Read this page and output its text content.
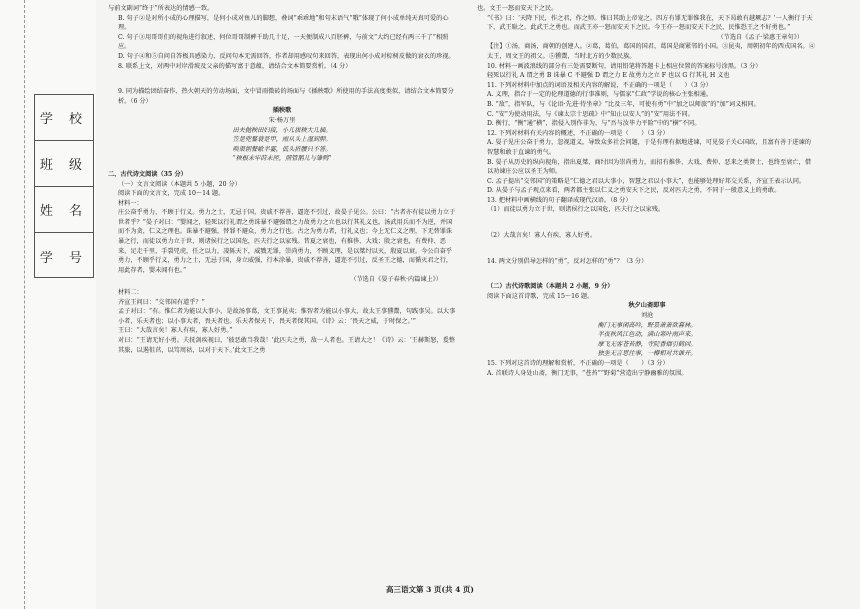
学 校
班 级
姓 名
学 号

与前文副词“终于”所表达的情感一致。

B. 句子②是对所小成的心理描写，是何小成对鱼儿的脚想，叠词“乖乖地”和句末语气“哦”体现了何小成单纯天真可爱的心理。

C. 句子③用哥哥们的视角进行叙述，何位哥哥制裤千助几十足，一天便制成八百胚裤，与前文“大约已经有两三千了”相照应。

D. 句子④和⑤自问自答极具感染力，反问句本无需回答，作者却用感叹句来回答，表现出何小成对棕树皮做的衰衣的珍视。

8. 联系上文，对两中对岸滑坡及父亲的描写富于意蕴，请结合文本简要赏析。（4 分）

9. 同为描绘团结奋作、热火朝天的劳动场面，文中冒雨微砖的场面与《插秧歌》所使用的手法高度类似，请结合文本简要分析。（6 分）

插秧歌

宋·杨万里

田夫抛秧田妇接，小儿拔秧大儿插。

笠是兜鍪蓑是甲，雨从头上湿到胛。

唤渠朝餐歇半霎，低头折腰只不答。

“秧根未牢莳未匝，照管鹅儿与雏鸭”

二、古代诗文阅读（35 分）

（一）文言文阅读（本题共 5 小题，20 分）

阅读下面的文言文，完成 10～14 题。

材料一：

庄公奋乎勇力，不顾于行义。勇力之士，无忌于国，贵戚不荐善，逼迩不引过，故晏子见公。公曰：“古者亦有徒以勇力立于世者乎？”晏子对曰：“婴闻之，轻死以行礼谓之勇诛暴不避强谓之力故勇力之立也以行其礼义也。汤武用兵而不为逆，并国而不为贪，仁义之理也。诛暴不避强，替罪不避众，勇力之行也。古之为勇力者，行礼义也；今上无仁义之理，下无替罪诛暴之行，而徒以勇力立于世，则诸侯行之以国危，匹夫行之以家残。昔夏之衰也，有推侈、大戏；殷之衰也，有费仲、恶来，足走千里，手裂兕虎，任之以力，凌轹天下，威戮无罪，崇尚勇力，不顾义理，是以桀纣以灭，殷夏以衰。今公自奋乎勇力，不顾乎行义，勇力之士，无忌于国，身立威强，行本涂暴，贵戚不荐善，逼迩不引过，反圣王之德，而循灭君之行，用此存者，婴未闻有也。”

（节选自《晏子春秋·内篇谏上》）

材料二：

齐宣王问曰：“交邻国有道乎？”

孟子对曰：“有。惟仁者为能以大事小，是故汤事葛，文王事昆夷；惟智者为能以小事大，故太王事獯鬻，句践事吴。以大事小者，乐天者也；以小事大者，畏天者也。乐天者保天下，畏天者保其国。《诗》云：‘畏天之威，于时保之。’”

王曰：“大哉言矣！寡人有疾，寡人好勇。”

对曰：“王请无好小勇。夫抚剑疾视曰，‘彼恶敢当我哉！’此匹夫之勇，敌一人者也。王请大之！《诗》云：‘王赫斯怒，爰整其旅，以遏徂莒，以笃周祜，以对于天下。’此文王之勇

也。文王一怒而安天下之民。

“《书》曰：‘天降下民，作之君，作之师。惟曰其助上帝宠之。四方有罪无罪惟我在，天下曷敢有越厥志？’一人衡行于天下，武王耻之。此武王之勇也。而武王亦一怒而安天下之民。今王亦一怒而安天下之民，民惟恐王之不好勇也。”

（节选自《孟子·梁惠王章句》）

【注】①汤，商汤，商朝的创建人。②葛，葛伯，葛国的国君，葛国是商紧邻的小国。③昆夷，周朝初年的西戎国名。④太王，周文王的祖父。⑤獯鬻，当时北方的少数民族。

10. 材料一画波浪线的部分有三处需要断句，请用铅笔将答题卡上相应位置的答案标号涂黑。（3 分）

轻死以行礼 A 谓之勇 B 诛暴 C 不避强 D 谓之力 E 故勇力之立 F 也以 G 行其礼 H 义也

11. 下列对材料中加点的词语及相关内容的解说，不正确的一项是（　　）（3 分）

A. 义理，指合于一定的伦理道德的行事准则，与儒家“仁政”学说的核心主张相通。

B. “敌”，指军队，与《论语·先进·待坐章》“比及三年，可使有勇”中“加之以师旅”的“加”词义相同。

C. “安”为使动用法，与《谏太宗十思疏》中“知止以安人”的“安”用法不同。

D. 衡行，“衡”通“横”，指侵入别作非为，与“吾与汝毕力平险”中的“横”不同。

12. 下列对材料有关内容的概述，不正确的一项是（　　）（3 分）

A. 晏子见庄公奋于勇力，忽视道义，导致众多社会问题，于是有理有据地进谏，可见晏子关心国政，且富有善于进谏的智慧和敢于直谏的勇气。

B. 晏子从历史的纵向视角，指出夏桀、商纣因为崇尚勇力，而招有推侈、大戏、费仲、恶来之类贤士，也终至衰亡，借以劝谏庄公应以圣王为师。

C. 孟子提出“交邻国”的策略是“仁德之君以大事小，智慧之君以小事大”，也能够处理好邦交关系，齐宣王表示认同。

D. 从晏子与孟子观点来看，两者都主张以仁义之勇安天下之民，反对匹夫之勇，不同于一般意义上的勇敢。

13. 把材料中画横线的句子翻译成现代汉语。（8 分）

（1）而徒以勇力立于世，则诸侯行之以国危，匹夫行之以家残。

（2）大哉言矣！寡人有疾，寡人好勇。

14. 两文分别倡导怎样的“勇”，反对怎样的“勇”？（3 分）

（二）古代诗歌阅读（本题共 2 小题，9 分）

阅读下面这首诗歌，完成 15～16 题。

秋夕山斋即事

刘沧

衡门无事闲高吟，野景萧萧欲暮林。

半夜秋风江色动，满山寒叶雨声来。

摩飞无客苍苔静，寺院香烟引鹤回。

独坐无言思往事，一樽相对共谁开。

15. 下列对这首诗的理解和赏析，不正确的一项是（　　）（3 分）

A. 首联诗人身处山斋，衡门无事，“苍苔”“野菊”营造出宁静幽雅的氛围。

高三语文第 3 页(共 4 页)
